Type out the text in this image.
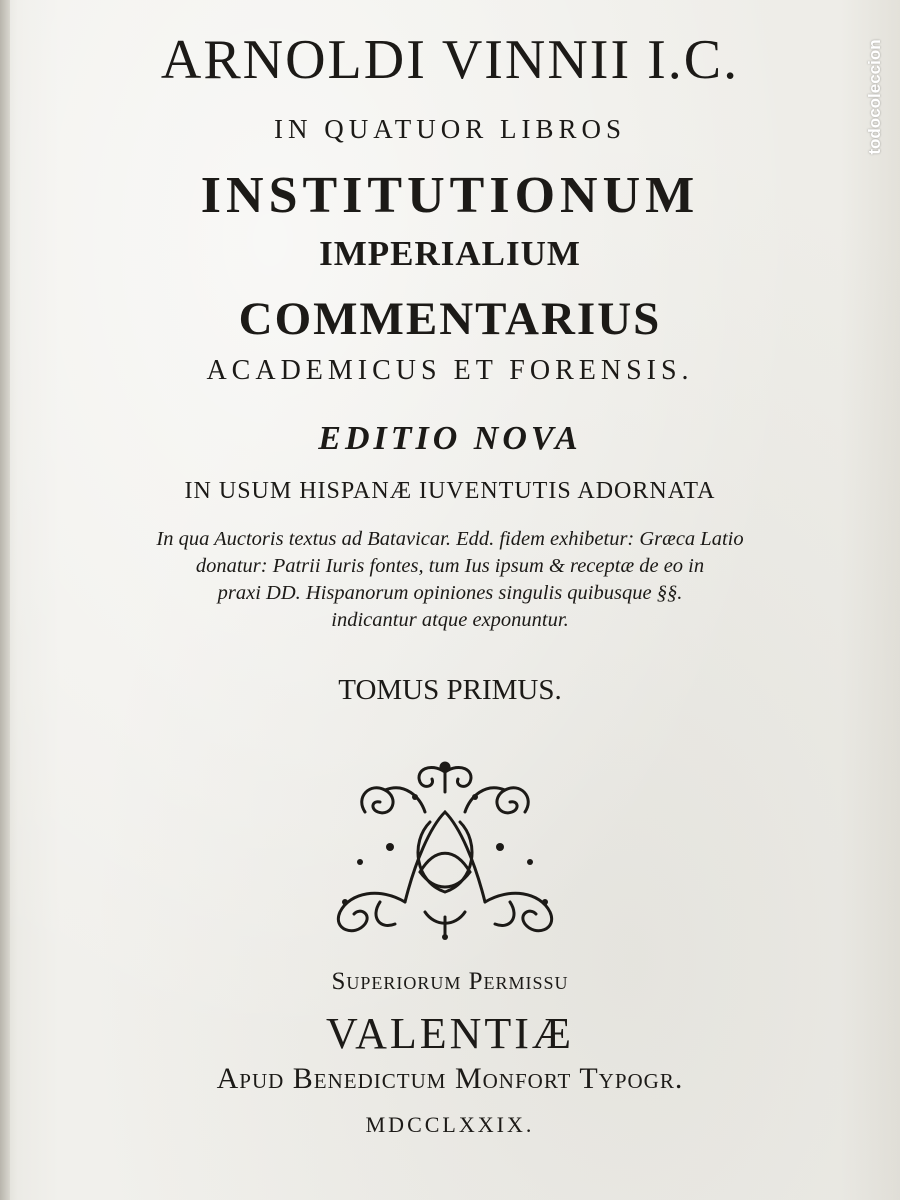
ARNOLDI VINNII I.C.
IN QUATUOR LIBROS
INSTITUTIONUM
IMPERIALIUM
COMMENTARIUS
ACADEMICUS ET FORENSIS.
EDITIO NOVA
IN USUM HISPANÆ IUVENTUTIS ADORNATA
In qua Auctoris textus ad Batavicar. Edd. fidem exhibetur: Græca Latio
donatur: Patrii Iuris fontes, tum Ius ipsum & receptæ de eo in
praxi DD. Hispanorum opiniones singulis quibusque §§.
indicantur atque exponuntur.
TOMUS PRIMUS.
Superiorum Permissu
VALENTIÆ
Apud Benedictum Monfort Typogr.
MDCCLXXIX.
todocoleccion
